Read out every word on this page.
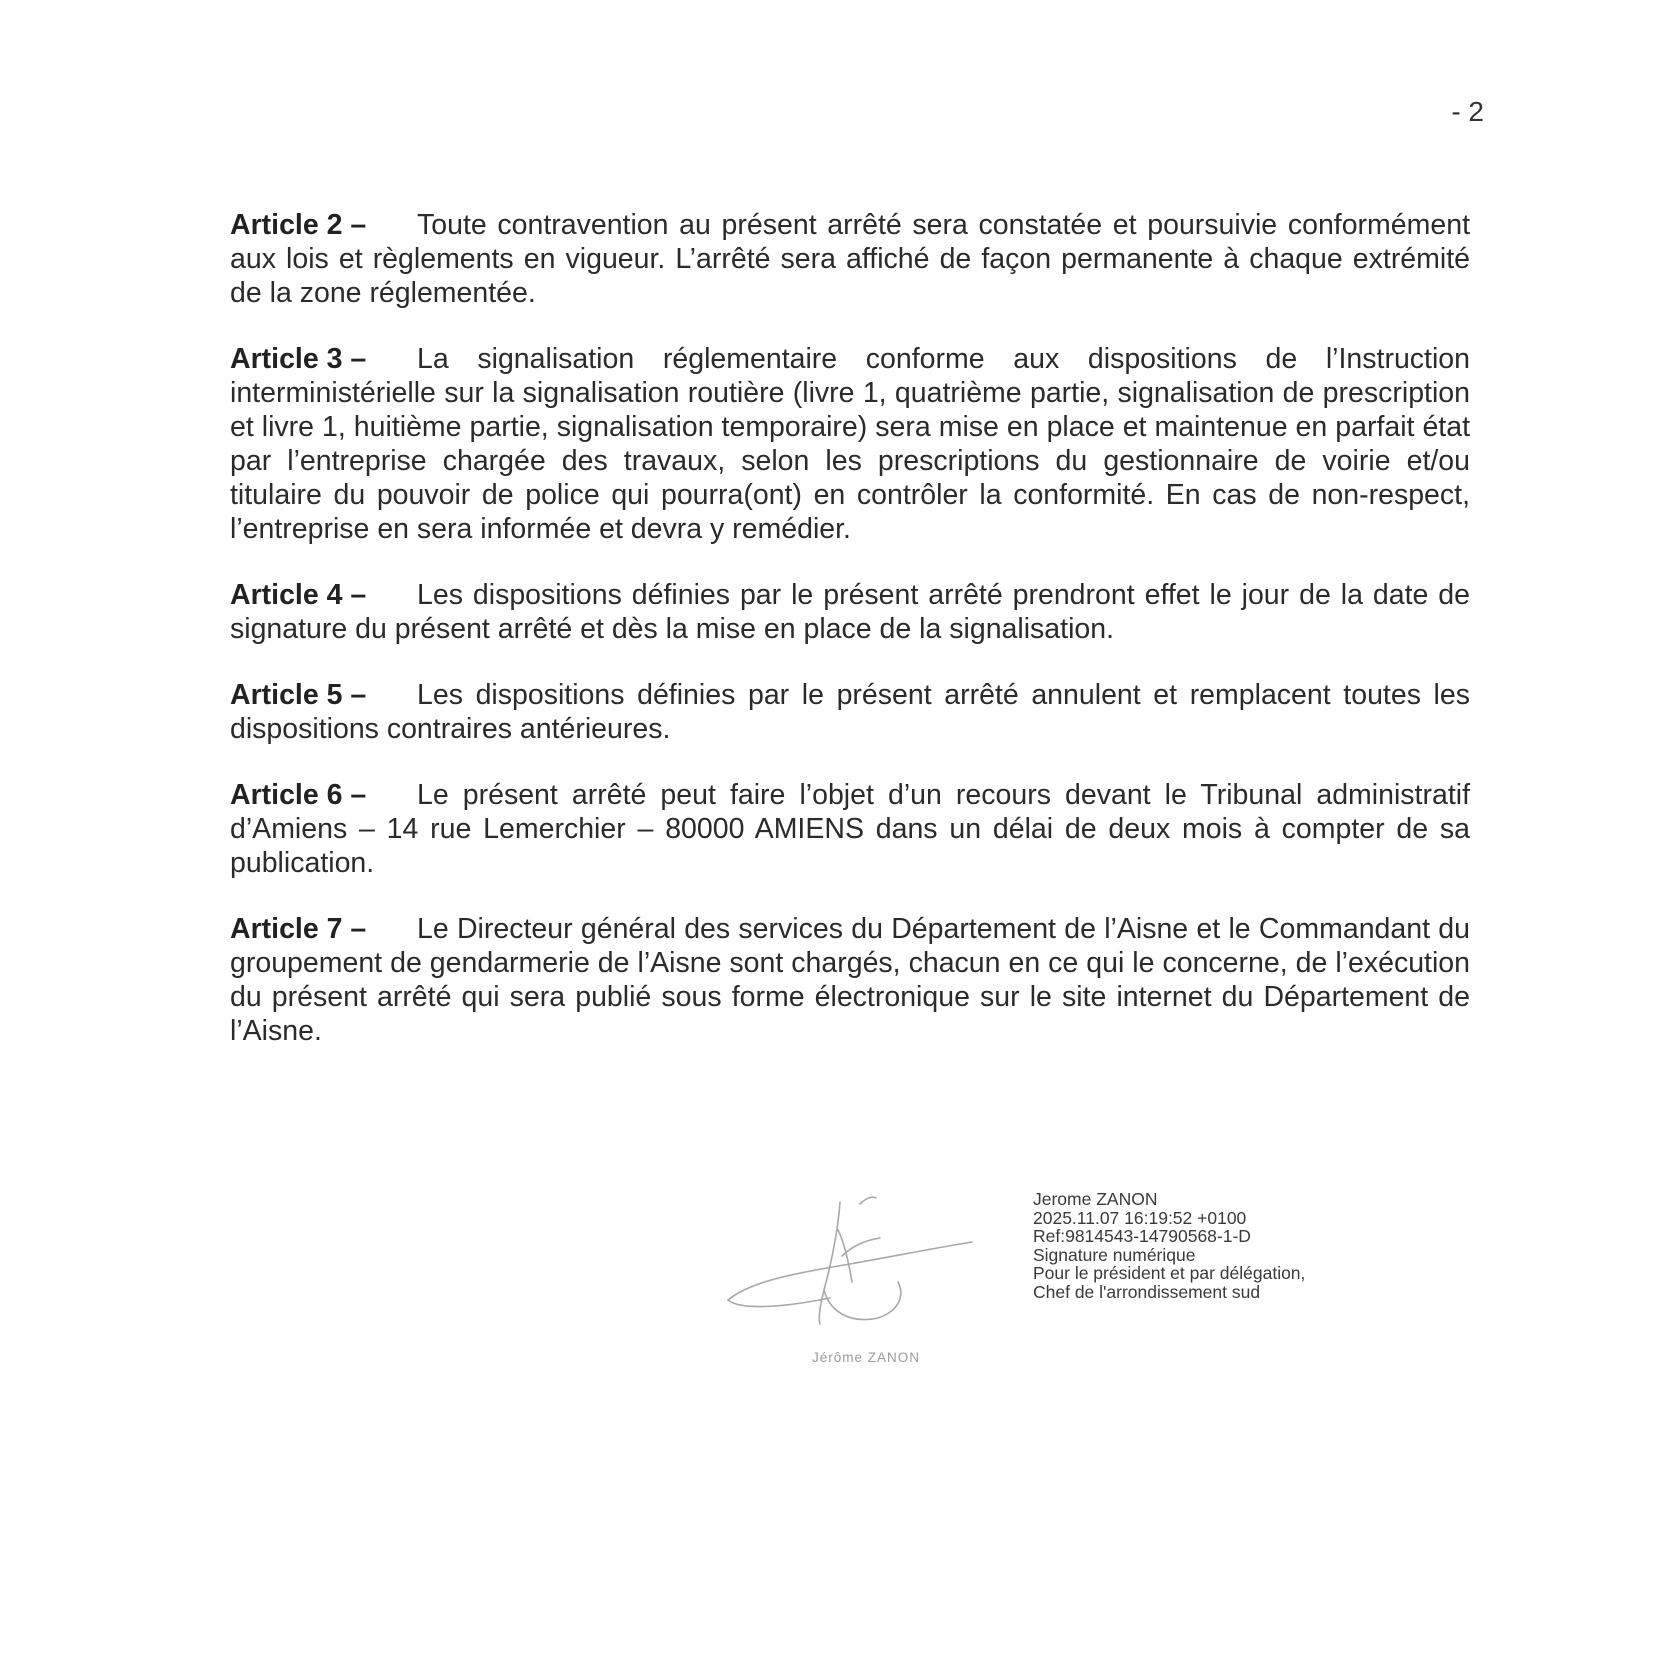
- 2

Article 2 – Toute contravention au présent arrêté sera constatée et poursuivie conformément aux lois et règlements en vigueur. L’arrêté sera affiché de façon permanente à chaque extrémité de la zone réglementée.

Article 3 – La signalisation réglementaire conforme aux dispositions de l’Instruction interministérielle sur la signalisation routière (livre 1, quatrième partie, signalisation de prescription et livre 1, huitième partie, signalisation temporaire) sera mise en place et maintenue en parfait état par l’entreprise chargée des travaux, selon les prescriptions du gestionnaire de voirie et/ou titulaire du pouvoir de police qui pourra(ont) en contrôler la conformité. En cas de non-respect, l’entreprise en sera informée et devra y remédier.

Article 4 – Les dispositions définies par le présent arrêté prendront effet le jour de la date de signature du présent arrêté et dès la mise en place de la signalisation.

Article 5 – Les dispositions définies par le présent arrêté annulent et remplacent toutes les dispositions contraires antérieures.

Article 6 – Le présent arrêté peut faire l’objet d’un recours devant le Tribunal administratif d’Amiens – 14 rue Lemerchier – 80000 AMIENS dans un délai de deux mois à compter de sa publication.

Article 7 – Le Directeur général des services du Département de l’Aisne et le Commandant du groupement de gendarmerie de l’Aisne sont chargés, chacun en ce qui le concerne, de l’exécution du présent arrêté qui sera publié sous forme électronique sur le site internet du Département de l’Aisne.

Jérôme ZANON
Jerome ZANON
2025.11.07 16:19:52 +0100
Ref:9814543-14790568-1-D
Signature numérique
Pour le président et par délégation,
Chef de l'arrondissement sud
